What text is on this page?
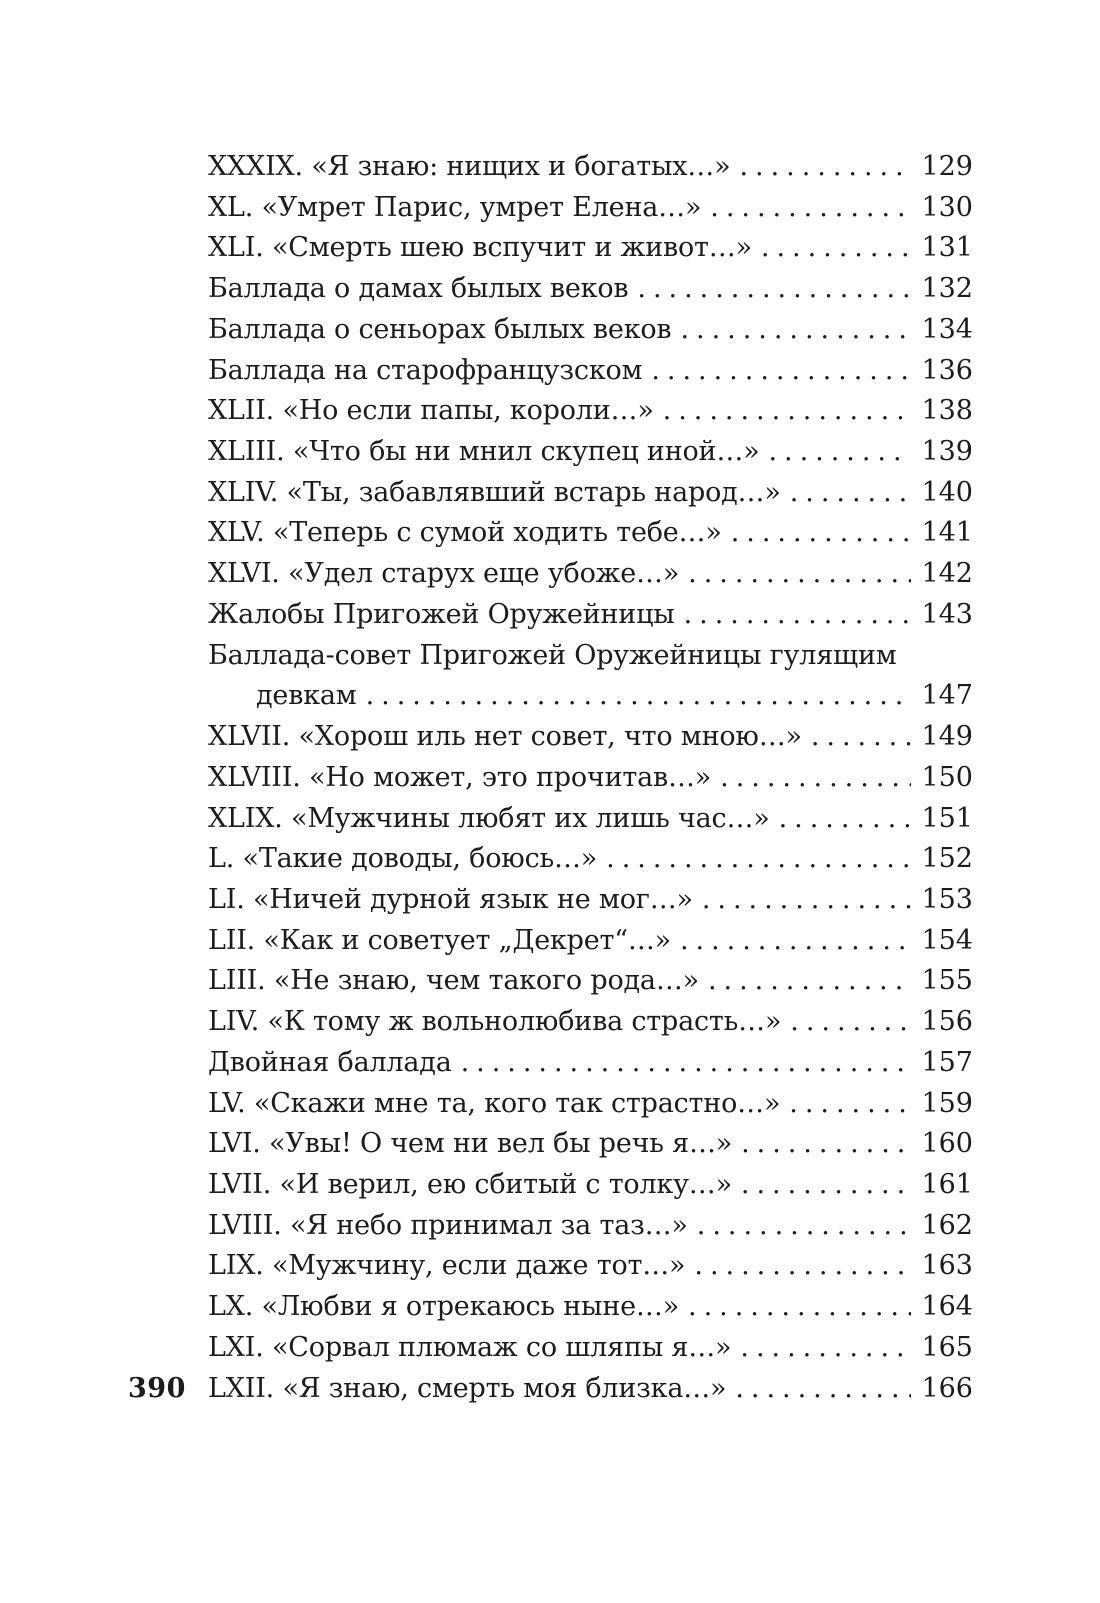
XXXIX. «Я знаю: нищих и богатых…» . . .	129
XL. «Умрет Парис, умрет Елена…» . . .	130
XLI. «Смерть шею вспучит и живот…» . . .	131
Баллада о дамах былых веков . . .	132
Баллада о сеньорах былых веков . . .	134
Баллада на старофранцузском . . .	136
XLII. «Но если папы, короли…» . . .	138
XLIII. «Что бы ни мнил скупец иной…» . . .	139
XLIV. «Ты, забавлявший встарь народ…» . . .	140
XLV. «Теперь с сумой ходить тебе…» . . .	141
XLVI. «Удел старух еще убоже…» . . .	142
Жалобы Пригожей Оружейницы . . .	143
Баллада-совет Пригожей Оружейницы гулящим
девкам . . .	147
XLVII. «Хорош иль нет совет, что мною…» . . .	149
XLVIII. «Но может, это прочитав…» . . .	150
XLIX. «Мужчины любят их лишь час…» . . .	151
L. «Такие доводы, боюсь…» . . .	152
LI. «Ничей дурной язык не мог…» . . .	153
LII. «Как и советует „Декрет“…» . . .	154
LIII. «Не знаю, чем такого рода…» . . .	155
LIV. «К тому ж вольнолюбива страсть…» . . .	156
Двойная баллада . . .	157
LV. «Скажи мне та, кого так страстно…» . . .	159
LVI. «Увы! О чем ни вел бы речь я…» . . .	160
LVII. «И верил, ею сбитый с толку…» . . .	161
LVIII. «Я небо принимал за таз…» . . .	162
LIX. «Мужчину, если даже тот…» . . .	163
LX. «Любви я отрекаюсь ныне…» . . .	164
LXI. «Сорвал плюмаж со шляпы я…» . . .	165
LXII. «Я знаю, смерть моя близка…» . . .	166
390
